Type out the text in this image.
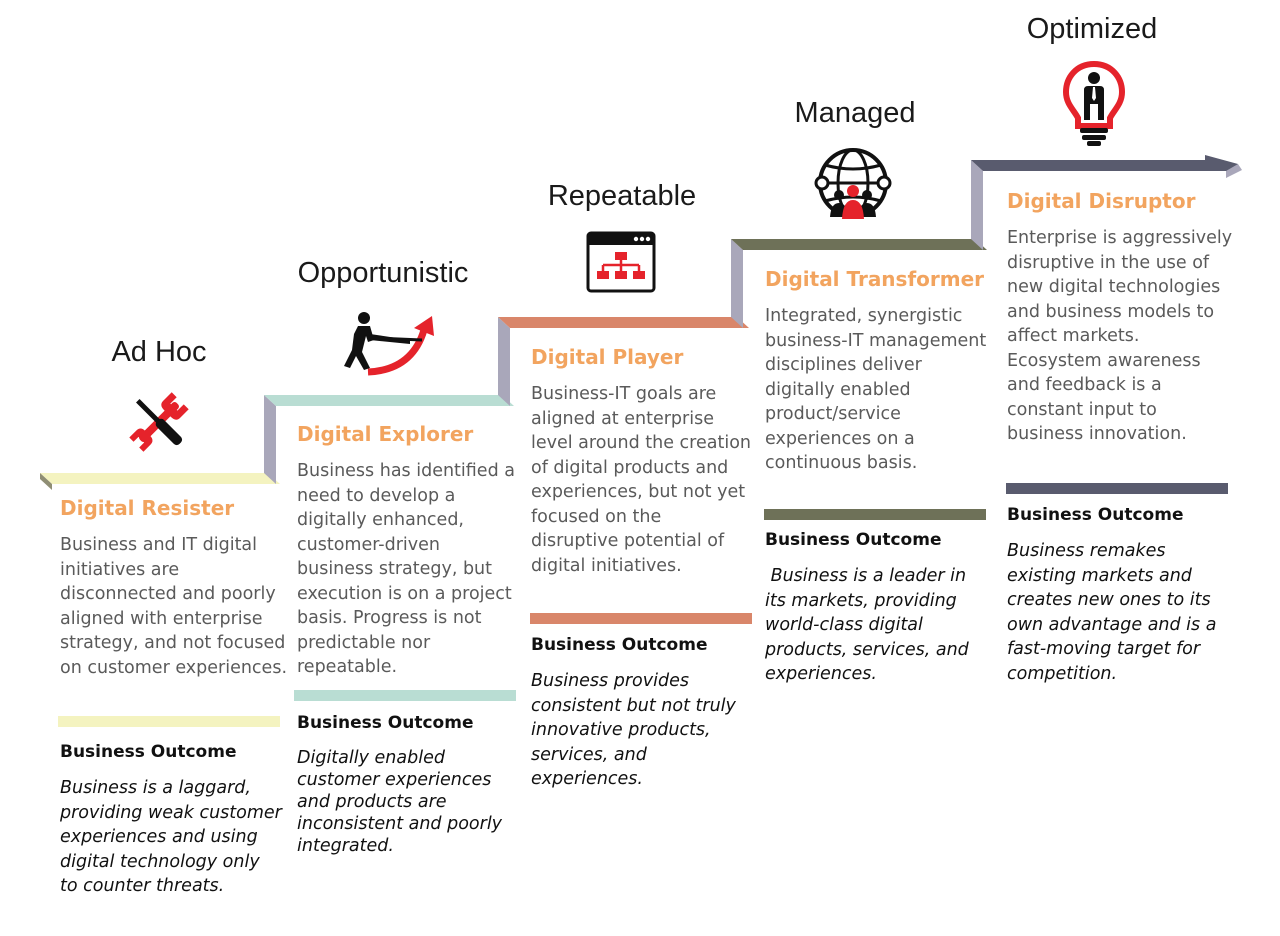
Ad Hoc
Opportunistic
Repeatable
Managed
Optimized
Digital Resister

Business and IT digital initiatives are disconnected and poorly aligned with enterprise strategy, and not focused on customer experiences.

Business Outcome

Business is a laggard, providing weak customer experiences and using digital technology only to counter threats.

Digital Explorer

Business has identified a need to develop a digitally enhanced, customer-driven business strategy, but execution is on a project basis. Progress is not predictable nor repeatable.

Business Outcome

Digitally enabled customer experiences and products are inconsistent and poorly integrated.

Digital Player

Business-IT goals are aligned at enterprise level around the creation of digital products and experiences, but not yet focused on the disruptive potential of digital initiatives.

Business Outcome

Business provides consistent but not truly innovative products, services, and experiences.

Digital Transformer

Integrated, synergistic business-IT management disciplines deliver digitally enabled product/service experiences on a continuous basis.

Business Outcome

Business is a leader in its markets, providing world-class digital products, services, and experiences.

Digital Disruptor

Enterprise is aggressively disruptive in the use of new digital technologies and business models to affect markets. Ecosystem awareness and feedback is a constant input to business innovation.

Business Outcome

Business remakes existing markets and creates new ones to its own advantage and is a fast-moving target for competition.
